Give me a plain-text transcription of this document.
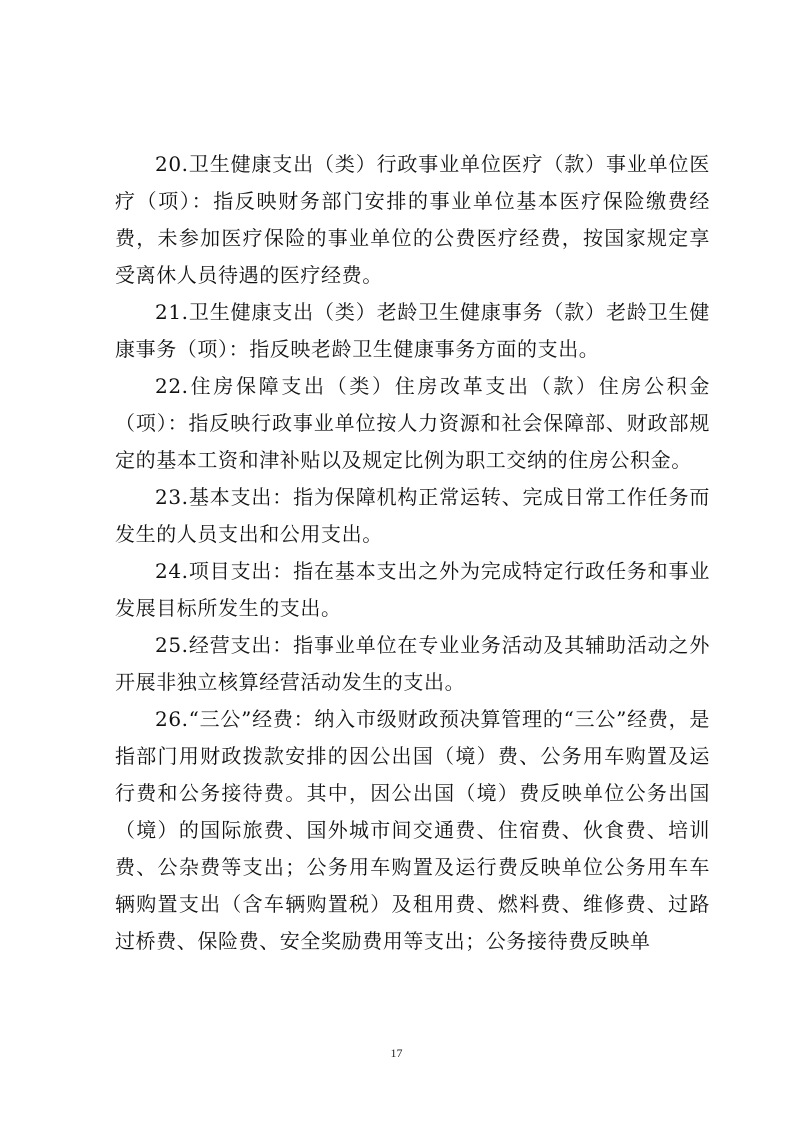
20.卫生健康支出（类）行政事业单位医疗（款）事业单位医疗（项）：指反映财务部门安排的事业单位基本医疗保险缴费经费，未参加医疗保险的事业单位的公费医疗经费，按国家规定享受离休人员待遇的医疗经费。

21.卫生健康支出（类）老龄卫生健康事务（款）老龄卫生健康事务（项）：指反映老龄卫生健康事务方面的支出。

22.住房保障支出（类）住房改革支出（款）住房公积金（项）：指反映行政事业单位按人力资源和社会保障部、财政部规定的基本工资和津补贴以及规定比例为职工交纳的住房公积金。

23.基本支出：指为保障机构正常运转、完成日常工作任务而发生的人员支出和公用支出。

24.项目支出：指在基本支出之外为完成特定行政任务和事业发展目标所发生的支出。

25.经营支出：指事业单位在专业业务活动及其辅助活动之外开展非独立核算经营活动发生的支出。

26.“三公”经费：纳入市级财政预决算管理的“三公”经费，是指部门用财政拨款安排的因公出国（境）费、公务用车购置及运行费和公务接待费。其中，因公出国（境）费反映单位公务出国（境）的国际旅费、国外城市间交通费、住宿费、伙食费、培训费、公杂费等支出；公务用车购置及运行费反映单位公务用车车辆购置支出（含车辆购置税）及租用费、燃料费、维修费、过路过桥费、保险费、安全奖励费用等支出；公务接待费反映单

17
